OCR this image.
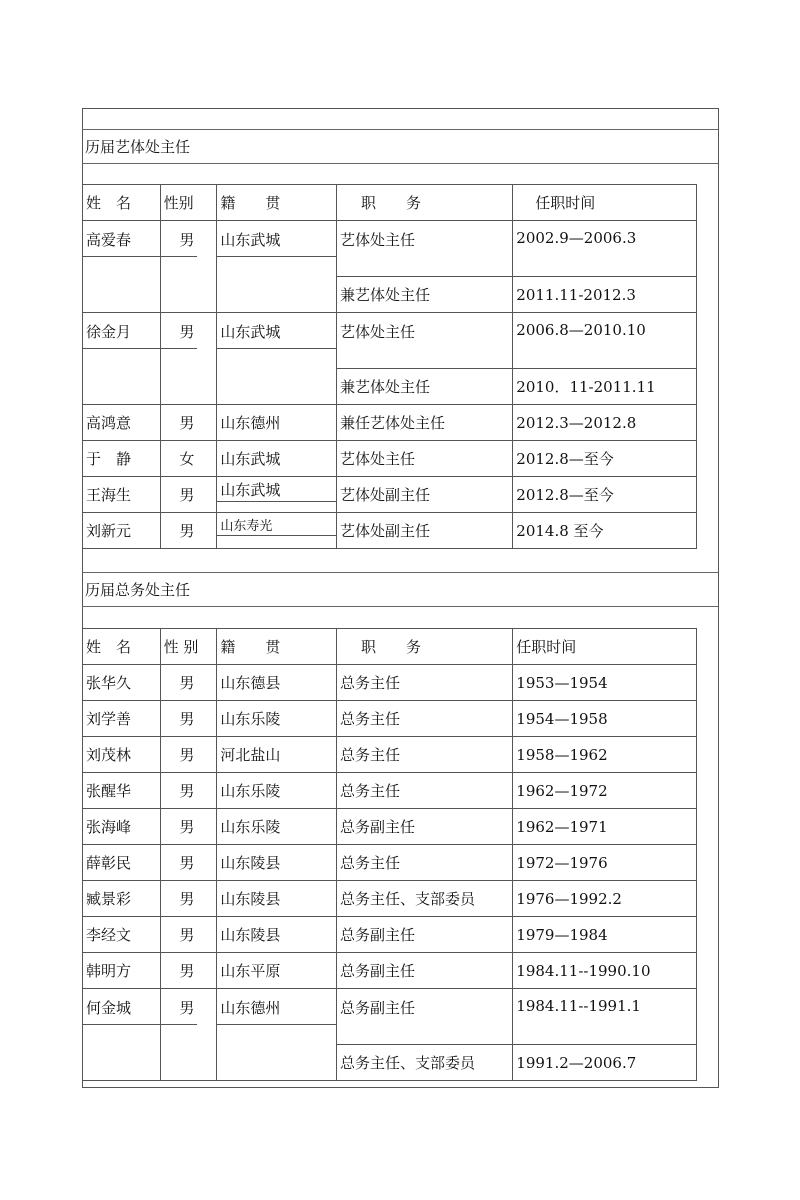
历届艺体处主任
姓　名	性别	籍　　贯	职　　务	任职时间

高爱春	男	山东武城	艺体处主任	2002.9—2006.3
			兼艺体处主任	2011.11-2012.3

徐金月	男	山东武城	艺体处主任	2006.8—2010.10
			兼艺体处主任	2010．11-2011.11
高鸿意	男	山东德州	兼任艺体处主任	2012.3—2012.8
于　静	女	山东武城	艺体处主任	2012.8—至今
王海生	男	山东武城	艺体处副主任	2012.8—至今
刘新元	男	山东寿光	艺体处副主任	2014.8 至今
历届总务处主任
姓　名	性 别	籍　　贯	职　　务	任职时间
张华久	男	山东德县	总务主任	1953—1954
刘学善	男	山东乐陵	总务主任	1954—1958
刘茂林	男	河北盐山	总务主任	1958—1962
张醒华	男	山东乐陵	总务主任	1962—1972
张海峰	男	山东乐陵	总务副主任	1962—1971
薛彰民	男	山东陵县	总务主任	1972—1976
臧景彩	男	山东陵县	总务主任、支部委员	1976—1992.2
李经文	男	山东陵县	总务副主任	1979—1984
韩明方	男	山东平原	总务副主任	1984.11--1990.10

何金城	男	山东德州	总务副主任	1984.11--1991.1
			总务主任、支部委员	1991.2—2006.7
